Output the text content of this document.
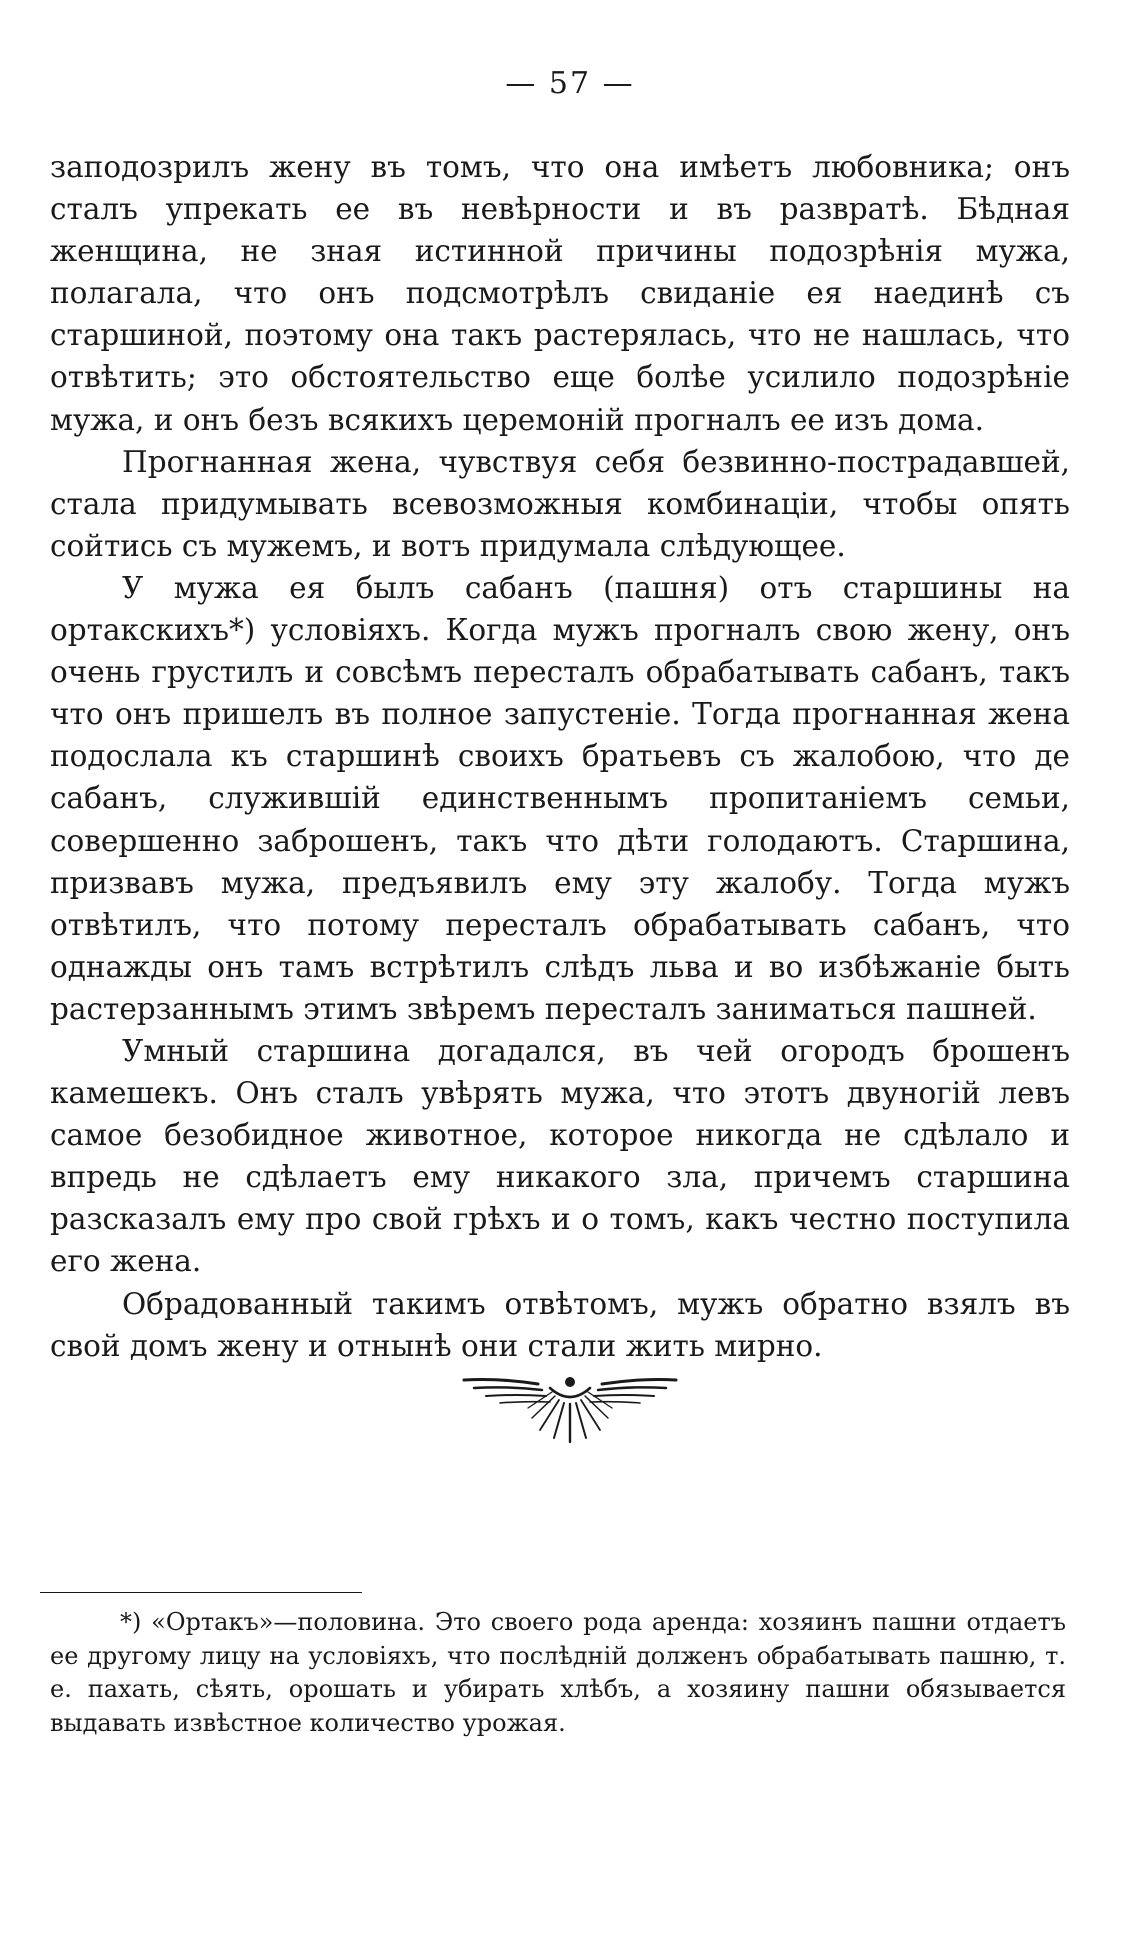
— 57 —

заподозрилъ жену въ томъ, что она имѣетъ любовника; онъ сталъ упрекать ее въ невѣрности и въ развратѣ. Бѣдная женщина, не зная истинной причины подозрѣнія мужа, полагала, что онъ подсмотрѣлъ свиданіе ея наединѣ съ старшиной, поэтому она такъ растерялась, что не нашлась, что отвѣтить; это обстоятельство еще болѣе усилило подозрѣніе мужа, и онъ безъ всякихъ церемоній прогналъ ее изъ дома.

Прогнанная жена, чувствуя себя безвинно-пострадавшей, стала придумывать всевозможныя комбинаціи, чтобы опять сойтись съ мужемъ, и вотъ придумала слѣдующее.

У мужа ея былъ сабанъ (пашня) отъ старшины на ортакскихъ*) условіяхъ. Когда мужъ прогналъ свою жену, онъ очень грустилъ и совсѣмъ пересталъ обрабатывать сабанъ, такъ что онъ пришелъ въ полное запустеніе. Тогда прогнанная жена подослала къ старшинѣ своихъ братьевъ съ жалобою, что де сабанъ, служившій единственнымъ пропитаніемъ семьи, совершенно заброшенъ, такъ что дѣти голодаютъ. Старшина, призвавъ мужа, предъявилъ ему эту жалобу. Тогда мужъ отвѣтилъ, что потому пересталъ обрабатывать сабанъ, что однажды онъ тамъ встрѣтилъ слѣдъ льва и во избѣжаніе быть растерзаннымъ этимъ звѣремъ пересталъ заниматься пашней.

Умный старшина догадался, въ чей огородъ брошенъ камешекъ. Онъ сталъ увѣрять мужа, что этотъ двуногій левъ самое безобидное животное, которое никогда не сдѣлало и впредь не сдѣлаетъ ему никакого зла, причемъ старшина разсказалъ ему про свой грѣхъ и о томъ, какъ честно поступила его жена.

Обрадованный такимъ отвѣтомъ, мужъ обратно взялъ въ свой домъ жену и отнынѣ они стали жить мирно.

*) «Ортакъ»—половина. Это своего рода аренда: хозяинъ пашни отдаетъ ее другому лицу на условіяхъ, что послѣдній долженъ обрабатывать пашню, т. е. пахать, сѣять, орошать и убирать хлѣбъ, а хозяину пашни обязывается выдавать извѣстное количество урожая.
